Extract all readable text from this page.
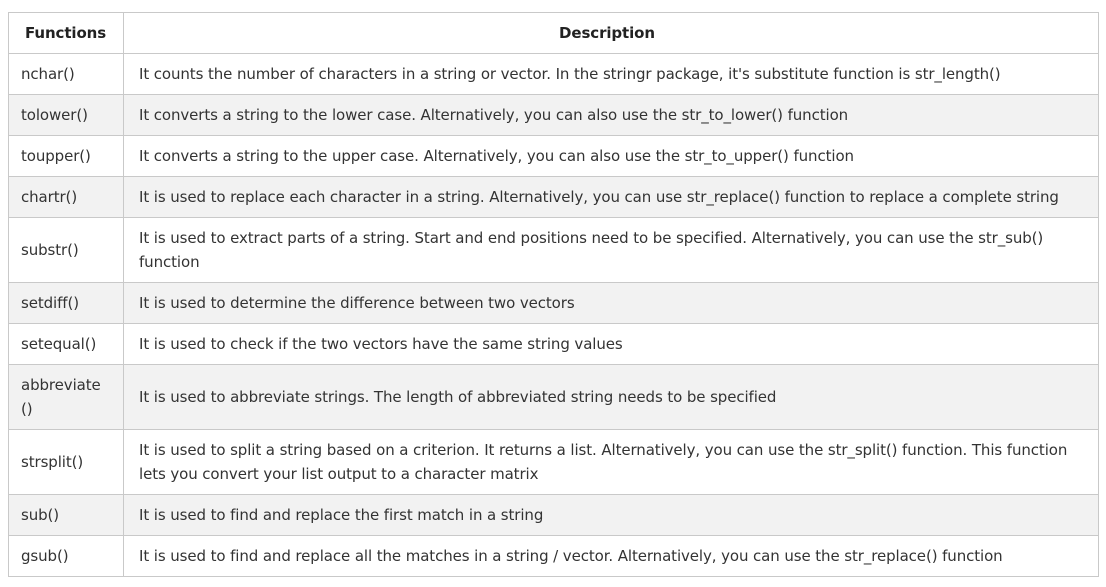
Functions	Description
nchar()	It counts the number of characters in a string or vector. In the stringr package, it's substitute function is str_length()
tolower()	It converts a string to the lower case. Alternatively, you can also use the str_to_lower() function
toupper()	It converts a string to the upper case. Alternatively, you can also use the str_to_upper() function
chartr()	It is used to replace each character in a string. Alternatively, you can use str_replace() function to replace a complete string
substr()	It is used to extract parts of a string. Start and end positions need to be specified. Alternatively, you can use the str_sub() function
setdiff()	It is used to determine the difference between two vectors
setequal()	It is used to check if the two vectors have the same string values
abbreviate ()	It is used to abbreviate strings. The length of abbreviated string needs to be specified
strsplit()	It is used to split a string based on a criterion. It returns a list. Alternatively, you can use the str_split() function. This function lets you convert your list output to a character matrix
sub()	It is used to find and replace the first match in a string
gsub()	It is used to find and replace all the matches in a string / vector. Alternatively, you can use the str_replace() function
